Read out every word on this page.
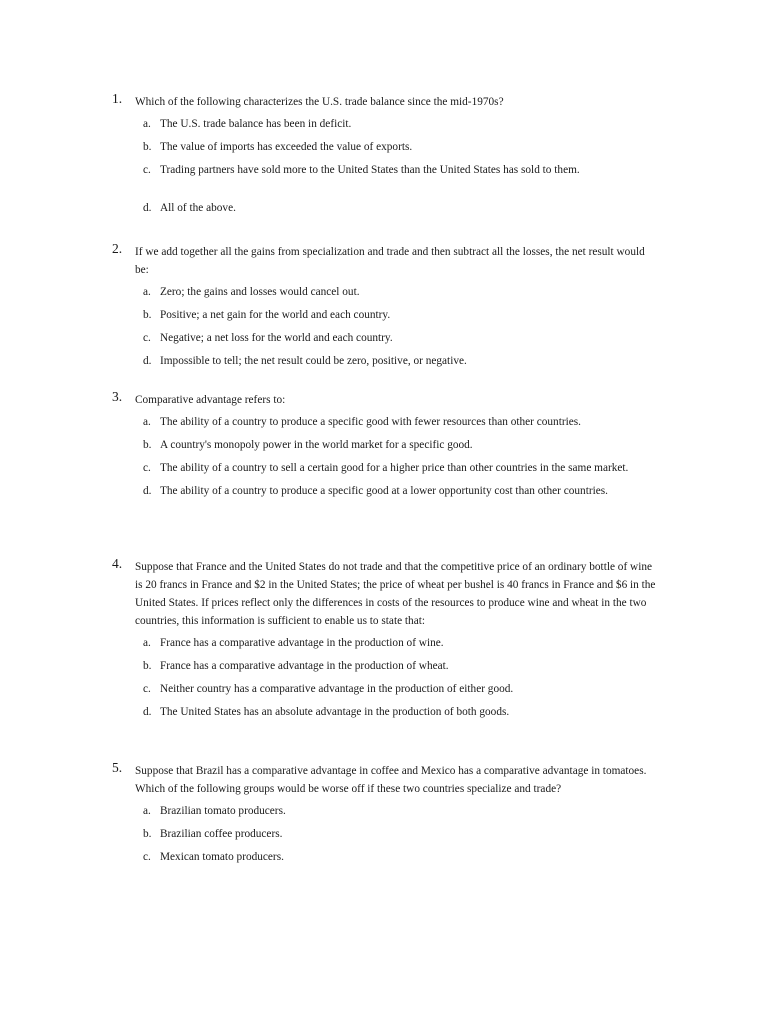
1. Which of the following characterizes the U.S. trade balance since the mid-1970s?
a. The U.S. trade balance has been in deficit.
b. The value of imports has exceeded the value of exports.
c. Trading partners have sold more to the United States than the United States has sold to them.
d. All of the above.
2. If we add together all the gains from specialization and trade and then subtract all the losses, the net result would be:
a. Zero; the gains and losses would cancel out.
b. Positive; a net gain for the world and each country.
c. Negative; a net loss for the world and each country.
d. Impossible to tell; the net result could be zero, positive, or negative.
3. Comparative advantage refers to:
a. The ability of a country to produce a specific good with fewer resources than other countries.
b. A country's monopoly power in the world market for a specific good.
c. The ability of a country to sell a certain good for a higher price than other countries in the same market.
d. The ability of a country to produce a specific good at a lower opportunity cost than other countries.
4. Suppose that France and the United States do not trade and that the competitive price of an ordinary bottle of wine is 20 francs in France and $2 in the United States; the price of wheat per bushel is 40 francs in France and $6 in the United States. If prices reflect only the differences in costs of the resources to produce wine and wheat in the two countries, this information is sufficient to enable us to state that:
a. France has a comparative advantage in the production of wine.
b. France has a comparative advantage in the production of wheat.
c. Neither country has a comparative advantage in the production of either good.
d. The United States has an absolute advantage in the production of both goods.
5. Suppose that Brazil has a comparative advantage in coffee and Mexico has a comparative advantage in tomatoes. Which of the following groups would be worse off if these two countries specialize and trade?
a. Brazilian tomato producers.
b. Brazilian coffee producers.
c. Mexican tomato producers.
